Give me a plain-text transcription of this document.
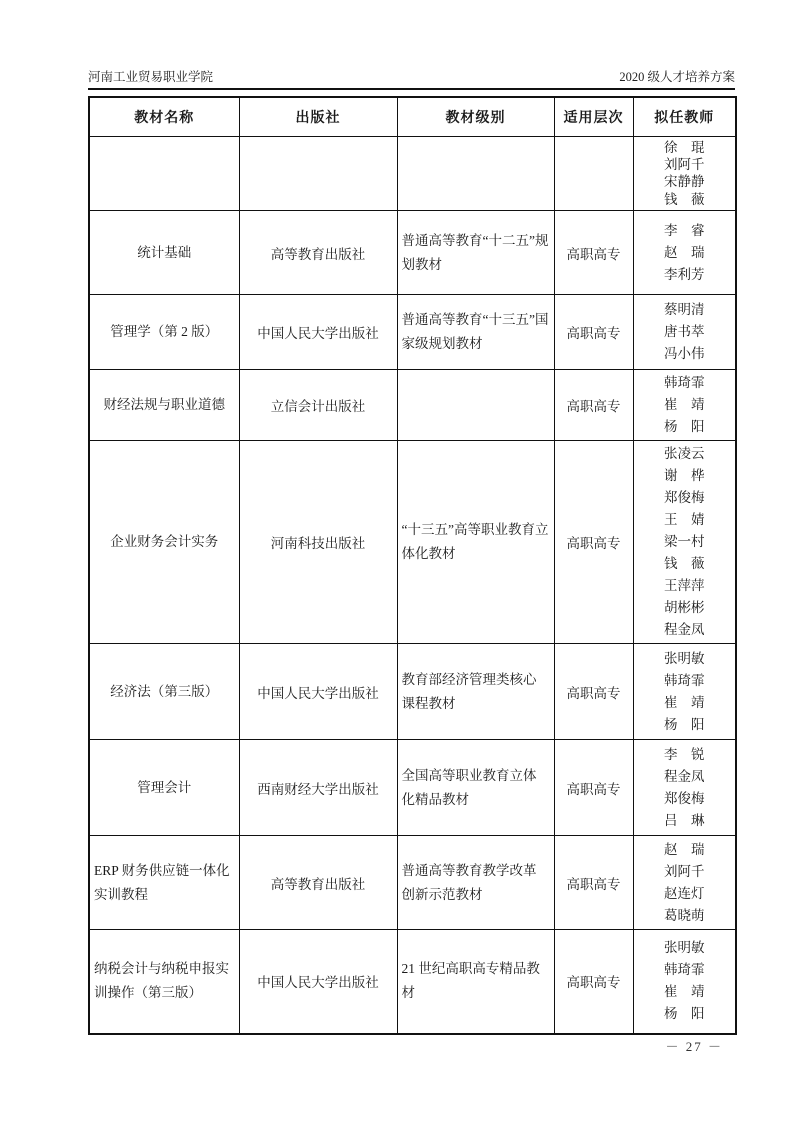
河南工业贸易职业学院	2020 级人才培养方案
教材名称	出版社	教材级别	适用层次	拟任教师

				徐　琨
刘阿千
宋静静
钱　薇

统计基础	高等教育出版社	普通高等教育“十二五”规划教材	高职高专	李　睿
赵　瑞
李利芳

管理学（第 2 版）	中国人民大学出版社	普通高等教育“十三五”国家级规划教材	高职高专	蔡明清
唐书萃
冯小伟

财经法规与职业道德	立信会计出版社		高职高专	韩琦霏
崔　靖
杨　阳

企业财务会计实务	河南科技出版社	“十三五”高等职业教育立体化教材	高职高专	
张凌云
谢　桦
郑俊梅
王　婧
梁一村
钱　薇
王萍萍
胡彬彬
程金凤

经济法（第三版）	中国人民大学出版社	教育部经济管理类核心课程教材	高职高专	张明敏
韩琦霏
崔　靖
杨　阳

管理会计	西南财经大学出版社	全国高等职业教育立体化精品教材	高职高专	李　锐
程金凤
郑俊梅
吕　琳

ERP 财务供应链一体化实训教程	高等教育出版社	普通高等教育教学改革创新示范教材	高职高专	赵　瑞
刘阿千
赵连灯
葛晓萌

纳税会计与纳税申报实训操作（第三版）	中国人民大学出版社	21 世纪高职高专精品教材	高职高专	张明敏
韩琦霏
崔　靖
杨　阳
－ 27 －
